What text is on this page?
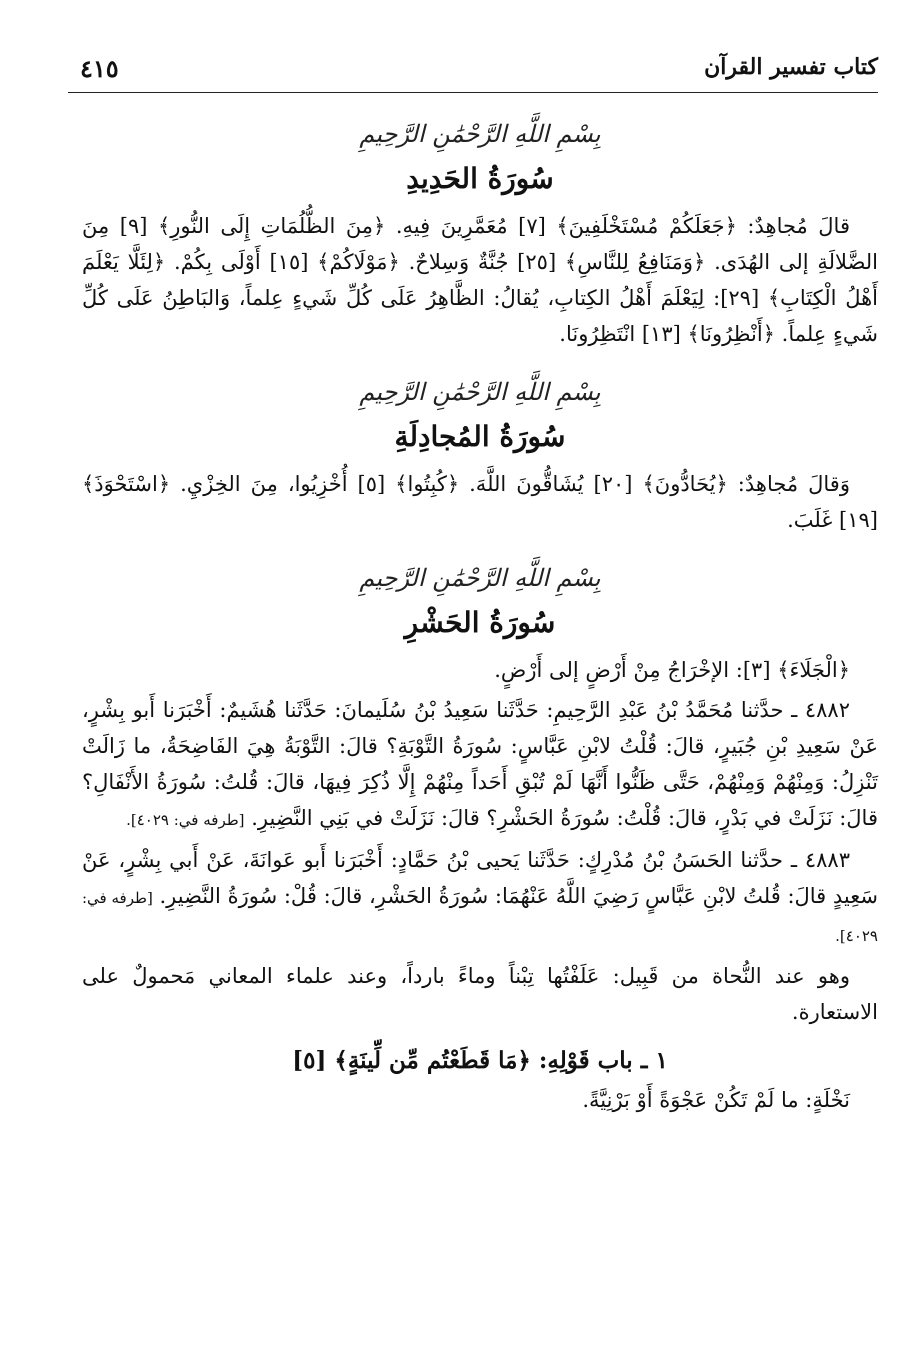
كتاب تفسير القرآن
٤١٥
بِسْمِ اللَّهِ الرَّحْمَٰنِ الرَّحِيمِ
سُورَةُ الحَدِيدِ

قالَ مُجاهِدٌ: ﴿جَعَلَكُمْ مُسْتَخْلَفِينَ﴾ [٧] مُعَمَّرِينَ فِيهِ. ﴿مِنَ الظُّلُمَاتِ إِلَى النُّورِ﴾ [٩] مِنَ الضَّلالَةِ إلى الهُدَى. ﴿وَمَنَافِعُ لِلنَّاسِ﴾ [٢٥] جُنَّةٌ وَسِلاحٌ. ﴿مَوْلَاكُمْ﴾ [١٥] أَوْلَى بِكُمْ. ﴿لِئَلَّا يَعْلَمَ أَهْلُ الْكِتَابِ﴾ [٢٩]: لِيَعْلَمَ أَهْلُ الكِتابِ، يُقالُ: الظَّاهِرُ عَلَى كُلِّ شَيءٍ عِلماً، وَالبَاطِنُ عَلَى كُلِّ شَيءٍ عِلماً. ﴿أَنْظِرُونَا﴾ [١٣] انْتَظِرُونَا.

بِسْمِ اللَّهِ الرَّحْمَٰنِ الرَّحِيمِ
سُورَةُ المُجادِلَةِ

وَقالَ مُجاهِدٌ: ﴿يُحَادُّونَ﴾ [٢٠] يُشَاقُّونَ اللَّهَ. ﴿كُبِتُوا﴾ [٥] أُخْزِيُوا، مِنَ الخِزْيِ. ﴿اسْتَحْوَذَ﴾ [١٩] غَلَبَ.

بِسْمِ اللَّهِ الرَّحْمَٰنِ الرَّحِيمِ
سُورَةُ الحَشْرِ

﴿الْجَلَاءَ﴾ [٣]: الإخْرَاجُ مِنْ أَرْضٍ إلى أَرْضٍ.

٤٨٨٢ ـ حدَّثنا مُحَمَّدُ بْنُ عَبْدِ الرَّحِيمِ: حَدَّثَنا سَعِيدُ بْنُ سُلَيمانَ: حَدَّثَنا هُشَيمٌ: أَخْبَرَنا أَبو بِشْرٍ، عَنْ سَعِيدِ بْنِ جُبَيرٍ، قالَ: قُلْتُ لابْنِ عَبَّاسٍ: سُورَةُ التَّوْبَةِ؟ قالَ: التَّوْبَةُ هِيَ الفَاضِحَةُ، ما زَالَتْ تَنْزِلُ: وَمِنْهُمْ وَمِنْهُمْ، حَتَّى ظَنُّوا أَنَّهَا لَمْ تُبْقِ أَحَداً مِنْهُمْ إِلَّا ذُكِرَ فِيهَا، قالَ: قُلتُ: سُورَةُ الأَنْفَالِ؟ قالَ: نَزَلَتْ في بَدْرٍ، قالَ: قُلْتُ: سُورَةُ الحَشْرِ؟ قالَ: نَزَلَتْ في بَنِي النَّضِيرِ. [طرفه في: ٤٠٢٩].

٤٨٨٣ ـ حدَّثنا الحَسَنُ بْنُ مُدْرِكٍ: حَدَّثَنا يَحيى بْنُ حَمَّادٍ: أَخْبَرَنا أَبو عَوانَةَ، عَنْ أَبي بِشْرٍ، عَنْ سَعِيدٍ قالَ: قُلتُ لابْنِ عَبَّاسٍ رَضِيَ اللَّهُ عَنْهُمَا: سُورَةُ الحَشْرِ، قالَ: قُلْ: سُورَةُ النَّضِيرِ. [طرفه في: ٤٠٢٩].

وهو عند النُّحاة من قَبِيل: عَلَفْتُها تِبْناً وماءً بارداً، وعند علماء المعاني مَحمولٌ على الاستعارة.

١ ـ باب قَوْلِهِ: ﴿مَا قَطَعْتُم مِّن لِّينَةٍ﴾ [٥]

نَخْلَةٍ: ما لَمْ تَكُنْ عَجْوَةً أَوْ بَرْنِيَّةً.
